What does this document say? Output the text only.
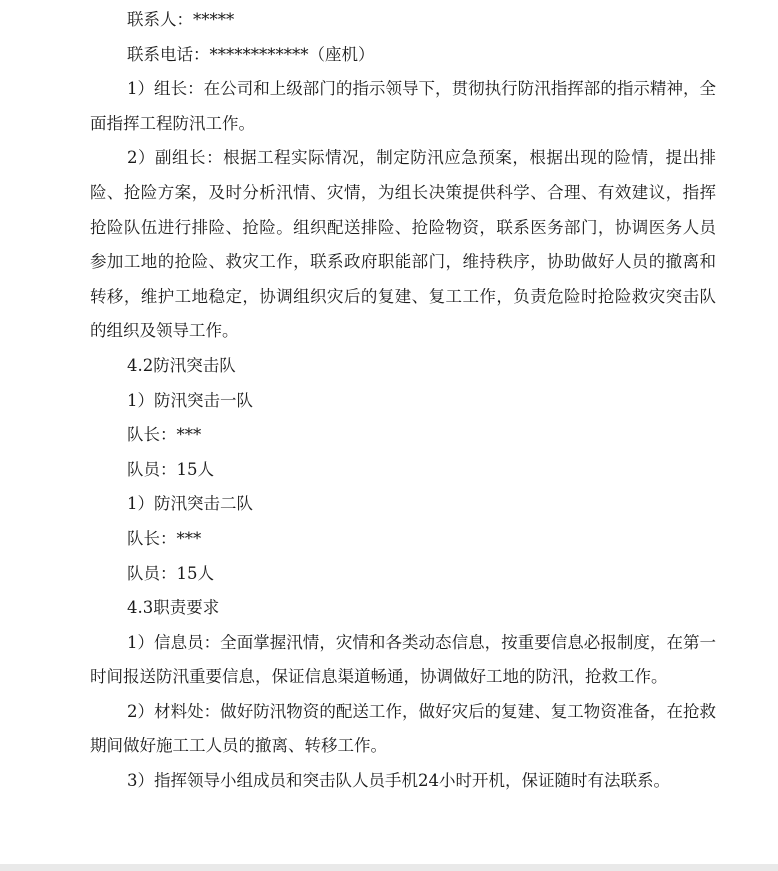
联系人：*****

联系电话：************（座机）

1）组长：在公司和上级部门的指示领导下，贯彻执行防汛指挥部的指示精神，全面指挥工程防汛工作。

2）副组长：根据工程实际情况，制定防汛应急预案，根据出现的险情，提出排险、抢险方案，及时分析汛情、灾情，为组长决策提供科学、合理、有效建议，指挥抢险队伍进行排险、抢险。组织配送排险、抢险物资，联系医务部门，协调医务人员参加工地的抢险、救灾工作，联系政府职能部门，维持秩序，协助做好人员的撤离和转移，维护工地稳定，协调组织灾后的复建、复工工作，负责危险时抢险救灾突击队的组织及领导工作。

4.2防汛突击队

1）防汛突击一队

队长：***

队员：15人

1）防汛突击二队

队长：***

队员：15人

4.3职责要求

1）信息员：全面掌握汛情，灾情和各类动态信息，按重要信息必报制度，在第一时间报送防汛重要信息，保证信息渠道畅通，协调做好工地的防汛，抢救工作。

2）材料处：做好防汛物资的配送工作，做好灾后的复建、复工物资准备，在抢救期间做好施工工人员的撤离、转移工作。

3）指挥领导小组成员和突击队人员手机24小时开机，保证随时有法联系。
